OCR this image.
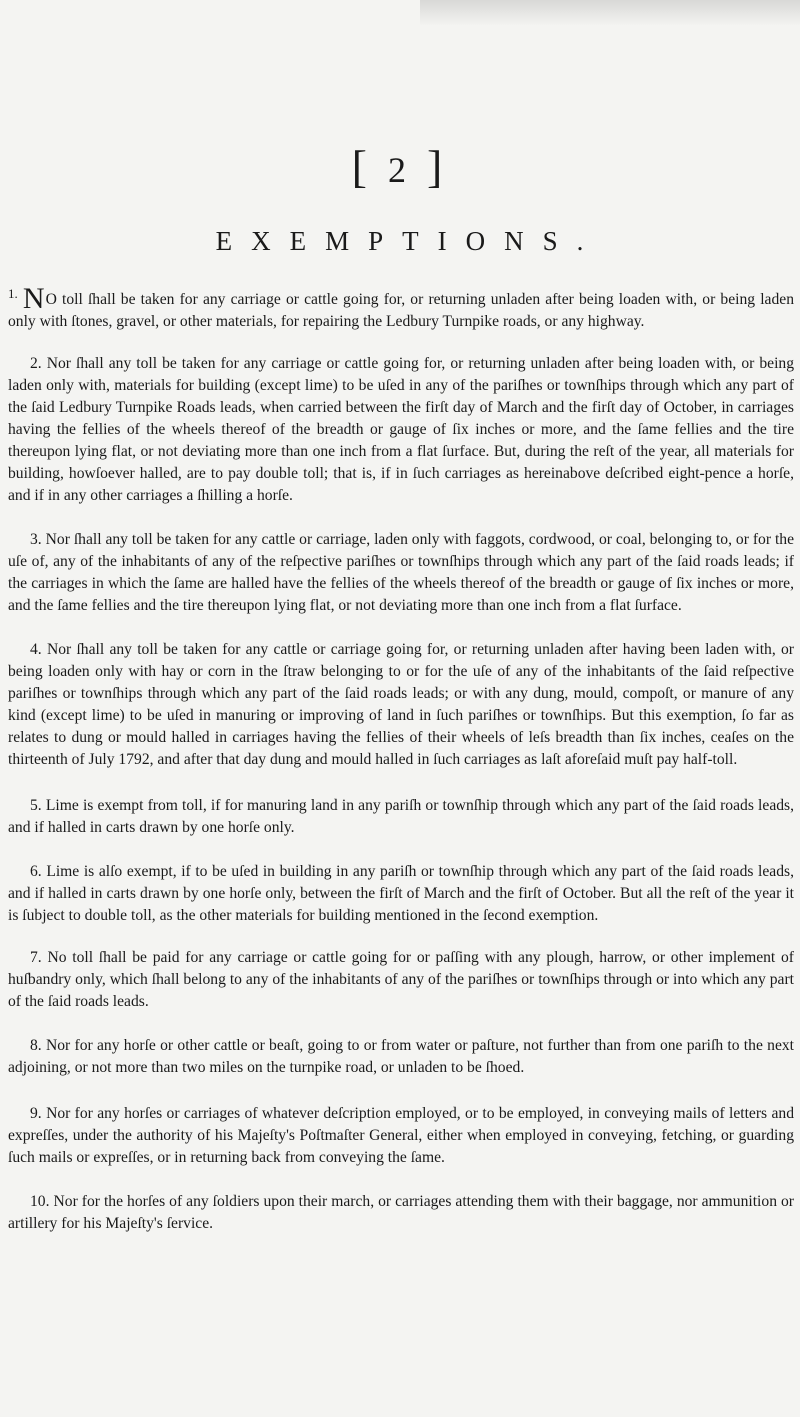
[ 2 ]
EXEMPTIONS.

$^{1.}$ NO toll ſhall be taken for any carriage or cattle going for, or returning unladen after being loaden with, or being laden only with ſtones, gravel, or other materials, for repairing the Ledbury Turnpike roads, or any highway.

2. Nor ſhall any toll be taken for any carriage or cattle going for, or returning unladen after being loaden with, or being laden only with, materials for building (except lime) to be uſed in any of the pariſhes or townſhips through which any part of the ſaid Ledbury Turnpike Roads leads, when carried between the firſt day of March and the firſt day of October, in carriages having the fellies of the wheels thereof of the breadth or gauge of ſix inches or more, and the ſame fellies and the tire thereupon lying flat, or not deviating more than one inch from a flat ſurface. But, during the reſt of the year, all materials for building, howſoever halled, are to pay double toll; that is, if in ſuch carriages as hereinabove deſcribed eight-pence a horſe, and if in any other carriages a ſhilling a horſe.

3. Nor ſhall any toll be taken for any cattle or carriage, laden only with faggots, cordwood, or coal, belonging to, or for the uſe of, any of the inhabitants of any of the reſpective pariſhes or townſhips through which any part of the ſaid roads leads; if the carriages in which the ſame are halled have the fellies of the wheels thereof of the breadth or gauge of ſix inches or more, and the ſame fellies and the tire thereupon lying flat, or not deviating more than one inch from a flat ſurface.

4. Nor ſhall any toll be taken for any cattle or carriage going for, or returning unladen after having been laden with, or being loaden only with hay or corn in the ſtraw belonging to or for the uſe of any of the inhabitants of the ſaid reſpective pariſhes or townſhips through which any part of the ſaid roads leads; or with any dung, mould, compoſt, or manure of any kind (except lime) to be uſed in manuring or improving of land in ſuch pariſhes or townſhips. But this exemption, ſo far as relates to dung or mould halled in carriages having the fellies of their wheels of leſs breadth than ſix inches, ceaſes on the thirteenth of July 1792, and after that day dung and mould halled in ſuch carriages as laſt aforeſaid muſt pay half-toll.

5. Lime is exempt from toll, if for manuring land in any pariſh or townſhip through which any part of the ſaid roads leads, and if halled in carts drawn by one horſe only.

6. Lime is alſo exempt, if to be uſed in building in any pariſh or townſhip through which any part of the ſaid roads leads, and if halled in carts drawn by one horſe only, between the firſt of March and the firſt of October. But all the reſt of the year it is ſubject to double toll, as the other materials for building mentioned in the ſecond exemption.

7. No toll ſhall be paid for any carriage or cattle going for or paſſing with any plough, harrow, or other implement of huſbandry only, which ſhall belong to any of the inhabitants of any of the pariſhes or townſhips through or into which any part of the ſaid roads leads.

8. Nor for any horſe or other cattle or beaſt, going to or from water or paſture, not further than from one pariſh to the next adjoining, or not more than two miles on the turnpike road, or unladen to be ſhoed.

9. Nor for any horſes or carriages of whatever deſcription employed, or to be employed, in conveying mails of letters and expreſſes, under the authority of his Majeſty's Poſtmaſter General, either when employed in conveying, fetching, or guarding ſuch mails or expreſſes, or in returning back from conveying the ſame.

10. Nor for the horſes of any ſoldiers upon their march, or carriages attending them with their baggage, nor ammunition or artillery for his Majeſty's ſervice.
